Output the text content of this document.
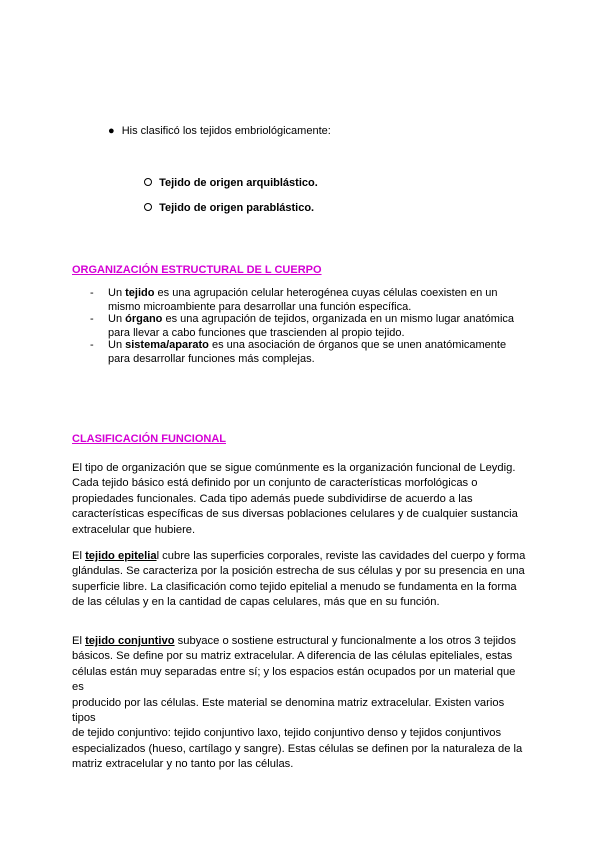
● His clasificó los tejidos embriológicamente:
Tejido de origen arquiblástico.
Tejido de origen parablástico.
ORGANIZACIÓN ESTRUCTURAL DE L CUERPO
- Un tejido es una agrupación celular heterogénea cuyas células coexisten en un
mismo microambiente para desarrollar una función específica.
- Un órgano es una agrupación de tejidos, organizada en un mismo lugar anatómica
para llevar a cabo funciones que trascienden al propio tejido.
- Un sistema/aparato es una asociación de órganos que se unen anatómicamente
para desarrollar funciones más complejas.
CLASIFICACIÓN FUNCIONAL
El tipo de organización que se sigue comúnmente es la organización funcional de Leydig.
Cada tejido básico está definido por un conjunto de características morfológicas o
propiedades funcionales. Cada tipo además puede subdividirse de acuerdo a las
características específicas de sus diversas poblaciones celulares y de cualquier sustancia
extracelular que hubiere.
El tejido epitelial cubre las superficies corporales, reviste las cavidades del cuerpo y forma
glándulas. Se caracteriza por la posición estrecha de sus células y por su presencia en una
superficie libre. La clasificación como tejido epitelial a menudo se fundamenta en la forma
de las células y en la cantidad de capas celulares, más que en su función.
El tejido conjuntivo subyace o sostiene estructural y funcionalmente a los otros 3 tejidos
básicos. Se define por su matriz extracelular. A diferencia de las células epiteliales, estas
células están muy separadas entre sí; y los espacios están ocupados por un material que es
producido por las células. Este material se denomina matriz extracelular. Existen varios tipos
de tejido conjuntivo: tejido conjuntivo laxo, tejido conjuntivo denso y tejidos conjuntivos
especializados (hueso, cartílago y sangre). Estas células se definen por la naturaleza de la
matriz extracelular y no tanto por las células.
